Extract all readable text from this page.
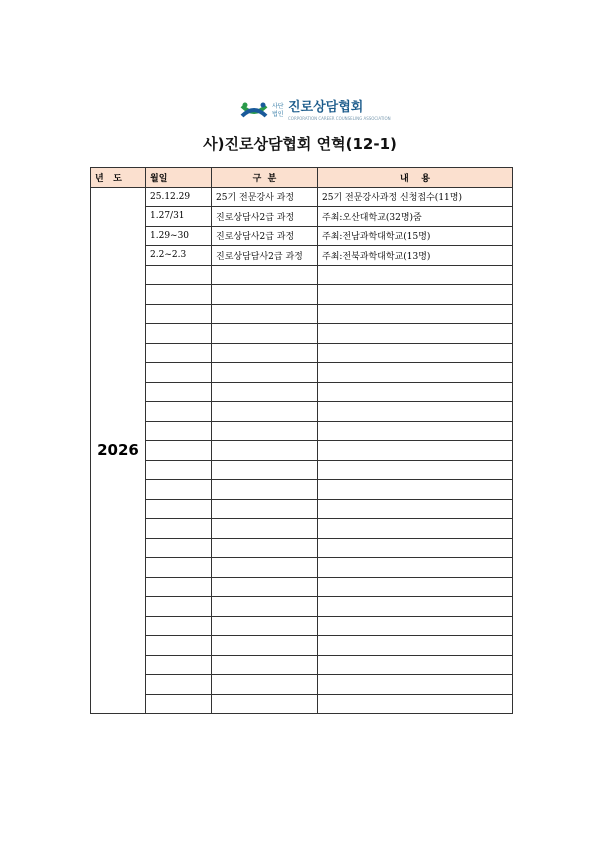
사단법인 진로상담협회
CORPORATION CAREER COUNSELING ASSOCIATION
사)진로상담협회 연혁(12-1)
년   도	월일	구  분	내    용
2026	25.12.29	25기 전문강사 과정	25기 전문강사과정 신청접수(11명)
	1.27/31	진로상담사2급 과정	주최:오산대학교(32명)줌
	1.29~30	진로상담사2급 과정	주최:전남과학대학교(15명)
	2.2~2.3	진로상담담사2급 과정	주최:전북과학대학교(13명)
